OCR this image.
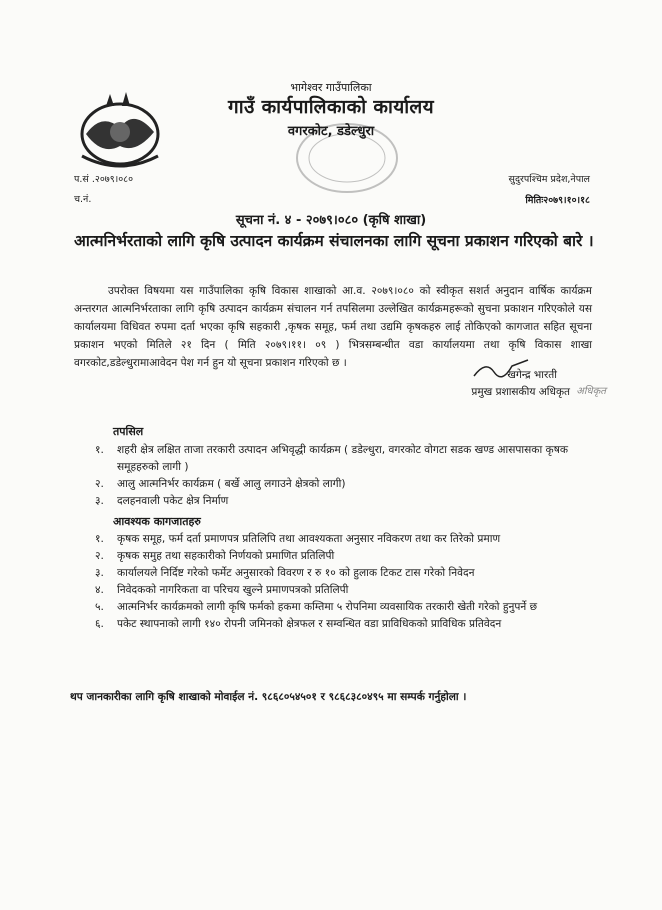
भागेश्वर गाउँपालिका
गाउँ कार्यपालिकाको कार्यालय
वगरकोट, डडेल्धुरा
प.सं .२०७९।०८०
च.नं.
सुदुरपश्चिम प्रदेश,नेपाल
मितिः२०७९।१०।१८
सूचना नं. ४ - २०७९।०८० (कृषि शाखा)
आत्मनिर्भरताको लागि कृषि उत्पादन कार्यक्रम संचालनका लागि सूचना प्रकाशन गरिएको बारे ।
उपरोक्त विषयमा यस गाउँपालिका कृषि विकास शाखाको आ.व. २०७९।०८० को स्वीकृत सशर्त अनुदान वार्षिक कार्यक्रम अन्तरगत आत्मनिर्भरताका लागि कृषि उत्पादन कार्यक्रम संचालन गर्न तपसिलमा उल्लेखित कार्यक्रमहरूको सुचना प्रकाशन गरिएकोले यस कार्यालयमा विधिवत रुपमा दर्ता भएका कृषि सहकारी ,कृषक समूह, फर्म तथा उद्यमि कृषकहरु लाई तोकिएको कागजात सहित सूचना प्रकाशन भएको मितिले २१ दिन ( मिति २०७९।११। ०९ ) भित्रसम्बन्धीत वडा कार्यालयमा तथा कृषि विकास शाखा वगरकोट,डडेल्धुरामाआवेदन पेश गर्न हुन यो सूचना प्रकाशन गरिएको छ ।
खगेन्द्र भारती
प्रमुख प्रशासकीय अधिकृत अधिकृत
तपसिल
१.	शहरी क्षेत्र लक्षित ताजा तरकारी उत्पादन अभिवृद्धी कार्यक्रम ( डडेल्धुरा, वगरकोट वोगटा सडक खण्ड आसपासका कृषक समूहहरुको लागी )
२.	आलु आत्मनिर्भर कार्यक्रम ( बर्खे आलु लगाउने क्षेत्रको लागी)
३.	दलहनवाली पकेट क्षेत्र निर्माण
आवश्यक कागजातहरु
१.	कृषक समूह, फर्म दर्ता प्रमाणपत्र प्रतिलिपि तथा आवश्यकता अनुसार नविकरण तथा कर तिरेको प्रमाण
२.	कृषक समुह तथा सहकारीको निर्णयको प्रमाणित प्रतिलिपी
३.	कार्यालयले निर्दिष्ट गरेको फर्मेट अनुसारको विवरण र रु १० को हुलाक टिकट टास गरेको निवेदन
४.	निवेदकको नागरिकता वा परिचय खुल्ने प्रमाणपत्रको प्रतिलिपी
५.	आत्मनिर्भर कार्यक्रमको लागी कृषि फर्मको हकमा कम्तिमा ५ रोपनिमा व्यवसायिक तरकारी खेती गरेको हुनुपर्ने छ
६.	पकेट स्थापनाको लागी १४० रोपनी जमिनको क्षेत्रफल र सम्वन्धित वडा प्राविधिकको प्राविधिक प्रतिवेदन
थप जानकारीका लागि कृषि शाखाको मोवाईल नं. ९८६८०५४५०१ र ९८६८३८०४९५ मा सम्पर्क गर्नुहोला ।
